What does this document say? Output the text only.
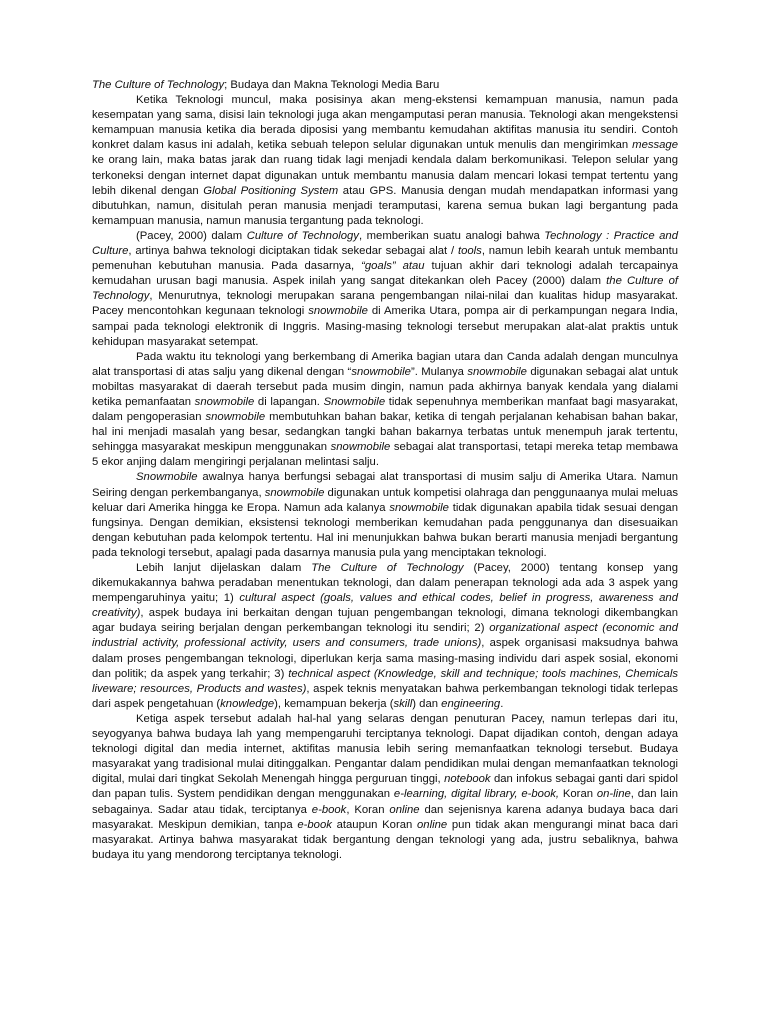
The Culture of Technology; Budaya dan Makna Teknologi Media Baru

Ketika Teknologi muncul, maka posisinya akan meng-ekstensi kemampuan manusia, namun pada kesempatan yang sama, disisi lain teknologi juga akan mengamputasi peran manusia. Teknologi akan mengekstensi kemampuan manusia ketika dia berada diposisi yang membantu kemudahan aktifitas manusia itu sendiri. Contoh konkret dalam kasus ini adalah, ketika sebuah telepon selular digunakan untuk menulis dan mengirimkan message ke orang lain, maka batas jarak dan ruang tidak lagi menjadi kendala dalam berkomunikasi. Telepon selular yang terkoneksi dengan internet dapat digunakan untuk membantu manusia dalam mencari lokasi tempat tertentu yang lebih dikenal dengan Global Positioning System atau GPS. Manusia dengan mudah mendapatkan informasi yang dibutuhkan, namun, disitulah peran manusia menjadi teramputasi, karena semua bukan lagi bergantung pada kemampuan manusia, namun manusia tergantung pada teknologi.

(Pacey, 2000) dalam Culture of Technology, memberikan suatu analogi bahwa Technology : Practice and Culture, artinya bahwa teknologi diciptakan tidak sekedar sebagai alat / tools, namun lebih kearah untuk membantu pemenuhan kebutuhan manusia. Pada dasarnya, “goals” atau tujuan akhir dari teknologi adalah tercapainya kemudahan urusan bagi manusia. Aspek inilah yang sangat ditekankan oleh Pacey (2000) dalam the Culture of Technology, Menurutnya, teknologi merupakan sarana pengembangan nilai-nilai dan kualitas hidup masyarakat. Pacey mencontohkan kegunaan teknologi snowmobile di Amerika Utara, pompa air di perkampungan negara India, sampai pada teknologi elektronik di Inggris. Masing-masing teknologi tersebut merupakan alat-alat praktis untuk kehidupan masyarakat setempat.

Pada waktu itu teknologi yang berkembang di Amerika bagian utara dan Canda adalah dengan munculnya alat transportasi di atas salju yang dikenal dengan “snowmobile”. Mulanya snowmobile digunakan sebagai alat untuk mobiltas masyarakat di daerah tersebut pada musim dingin, namun pada akhirnya banyak kendala yang dialami ketika pemanfaatan snowmobile di lapangan. Snowmobile tidak sepenuhnya memberikan manfaat bagi masyarakat, dalam pengoperasian snowmobile membutuhkan bahan bakar, ketika di tengah perjalanan kehabisan bahan bakar, hal ini menjadi masalah yang besar, sedangkan tangki bahan bakarnya terbatas untuk menempuh jarak tertentu, sehingga masyarakat meskipun menggunakan snowmobile sebagai alat transportasi, tetapi mereka tetap membawa 5 ekor anjing dalam mengiringi perjalanan melintasi salju.

Snowmobile awalnya hanya berfungsi sebagai alat transportasi di musim salju di Amerika Utara. Namun Seiring dengan perkembanganya, snowmobile digunakan untuk kompetisi olahraga dan penggunaanya mulai meluas keluar dari Amerika hingga ke Eropa. Namun ada kalanya snowmobile tidak digunakan apabila tidak sesuai dengan fungsinya. Dengan demikian, eksistensi teknologi memberikan kemudahan pada penggunanya dan disesuaikan dengan kebutuhan pada kelompok tertentu. Hal ini menunjukkan bahwa bukan berarti manusia menjadi bergantung pada teknologi tersebut, apalagi pada dasarnya manusia pula yang menciptakan teknologi.

Lebih lanjut dijelaskan dalam The Culture of Technology (Pacey, 2000) tentang konsep yang dikemukakannya bahwa peradaban menentukan teknologi, dan dalam penerapan teknologi ada ada 3 aspek yang mempengaruhinya yaitu; 1) cultural aspect (goals, values and ethical codes, belief in progress, awareness and creativity), aspek budaya ini berkaitan dengan tujuan pengembangan teknologi, dimana teknologi dikembangkan agar budaya seiring berjalan dengan perkembangan teknologi itu sendiri; 2) organizational aspect (economic and industrial activity, professional activity, users and consumers, trade unions), aspek organisasi maksudnya bahwa dalam proses pengembangan teknologi, diperlukan kerja sama masing-masing individu dari aspek sosial, ekonomi dan politik; da aspek yang terkahir; 3) technical aspect (Knowledge, skill and technique; tools machines, Chemicals liveware; resources, Products and wastes), aspek teknis menyatakan bahwa perkembangan teknologi tidak terlepas dari aspek pengetahuan (knowledge), kemampuan bekerja (skill) dan engineering.

Ketiga aspek tersebut adalah hal-hal yang selaras dengan penuturan Pacey, namun terlepas dari itu, seyogyanya bahwa budaya lah yang mempengaruhi terciptanya teknologi. Dapat dijadikan contoh, dengan adaya teknologi digital dan media internet, aktifitas manusia lebih sering memanfaatkan teknologi tersebut. Budaya masyarakat yang tradisional mulai ditinggalkan. Pengantar dalam pendidikan mulai dengan memanfaatkan teknologi digital, mulai dari tingkat Sekolah Menengah hingga perguruan tinggi, notebook dan infokus sebagai ganti dari spidol dan papan tulis. System pendidikan dengan menggunakan e-learning, digital library, e-book, Koran on-line, dan lain sebagainya. Sadar atau tidak, terciptanya e-book, Koran online dan sejenisnya karena adanya budaya baca dari masyarakat. Meskipun demikian, tanpa e-book ataupun Koran online pun tidak akan mengurangi minat baca dari masyarakat. Artinya bahwa masyarakat tidak bergantung dengan teknologi yang ada, justru sebaliknya, bahwa budaya itu yang mendorong terciptanya teknologi.
